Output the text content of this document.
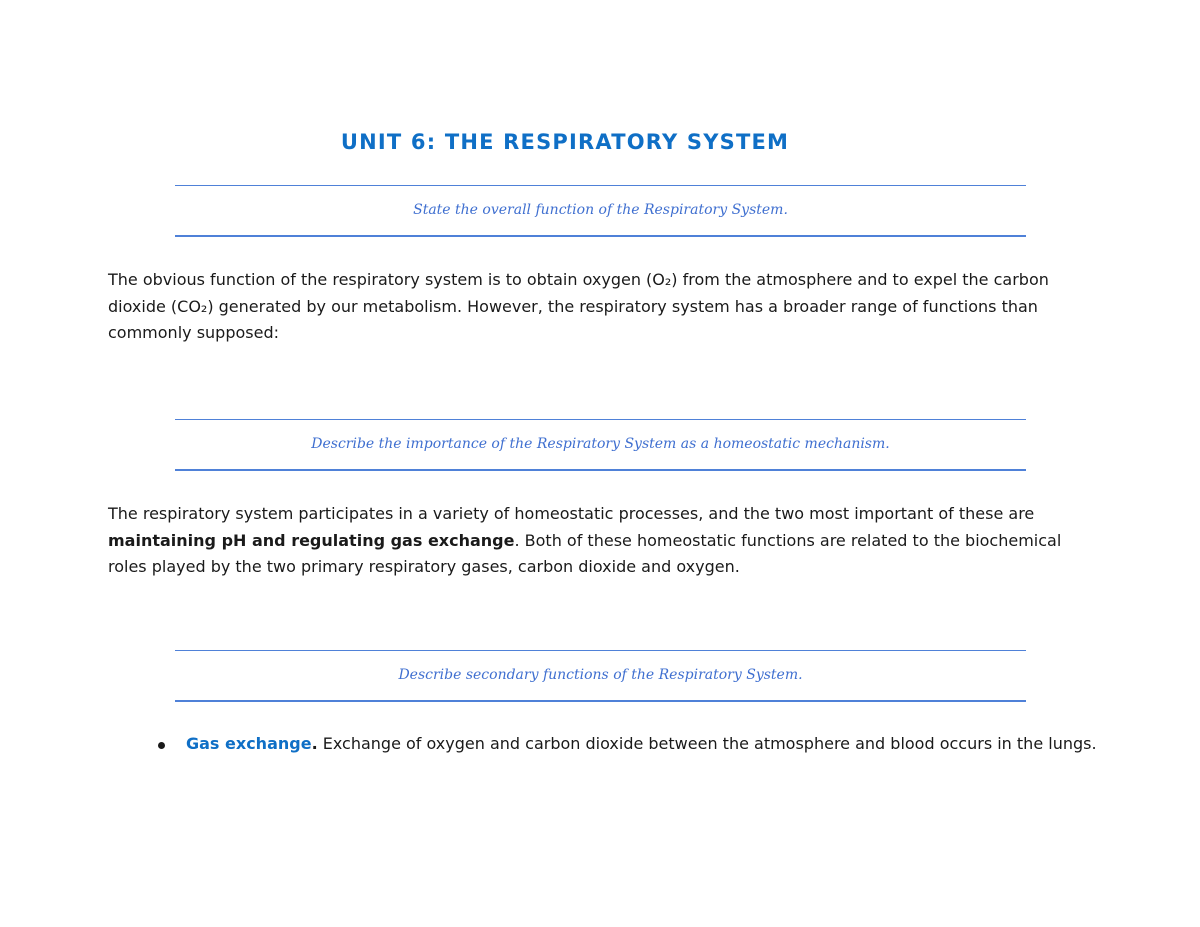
UNIT 6: THE RESPIRATORY SYSTEM
State the overall function of the Respiratory System.
The obvious function of the respiratory system is to obtain oxygen (O₂) from the atmosphere and to expel the carbon dioxide (CO₂) generated by our metabolism. However, the respiratory system has a broader range of functions than commonly supposed:
Describe the importance of the Respiratory System as a homeostatic mechanism.
The respiratory system participates in a variety of homeostatic processes, and the two most important of these are maintaining pH and regulating gas exchange. Both of these homeostatic functions are related to the biochemical roles played by the two primary respiratory gases, carbon dioxide and oxygen.
Describe secondary functions of the Respiratory System.
Gas exchange. Exchange of oxygen and carbon dioxide between the atmosphere and blood occurs in the lungs.
